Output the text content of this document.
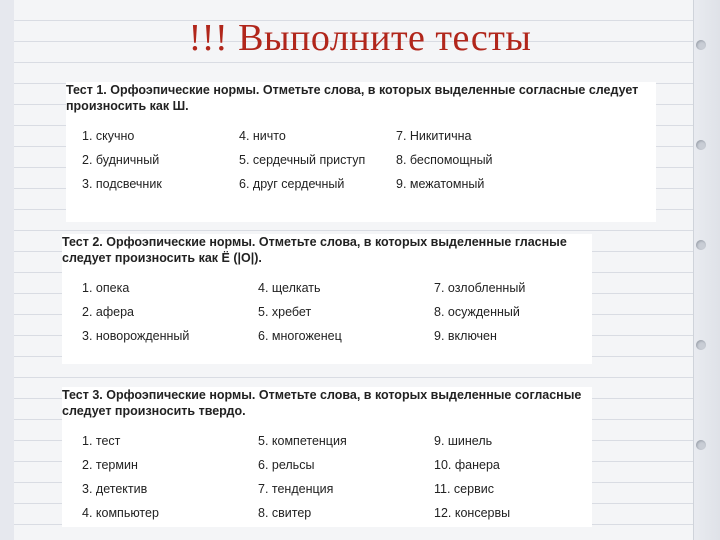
!!! Выполните тесты

Тест 1. Орфоэпические нормы. Отметьте слова, в которых выделенные согласные следует произносить как Ш.

1. скучно	4. ничто	7. Никитична
2. будничный	5. сердечный приступ	8. беспомощный
3. подсвечник	6. друг сердечный	9. межатомный

Тест 2. Орфоэпические нормы. Отметьте слова, в которых выделенные гласные следует произносить как Ё (|О|).

1. опека	4. щелкать	7. озлобленный
2. афера	5. хребет	8. осужденный
3. новорожденный	6. многоженец	9. включен

Тест 3. Орфоэпические нормы. Отметьте слова, в которых выделенные согласные следует произносить твердо.

1. тест	5. компетенция	9. шинель
2. термин	6. рельсы	10. фанера
3. детектив	7. тенденция	11. сервис
4. компьютер	8. свитер	12. консервы
